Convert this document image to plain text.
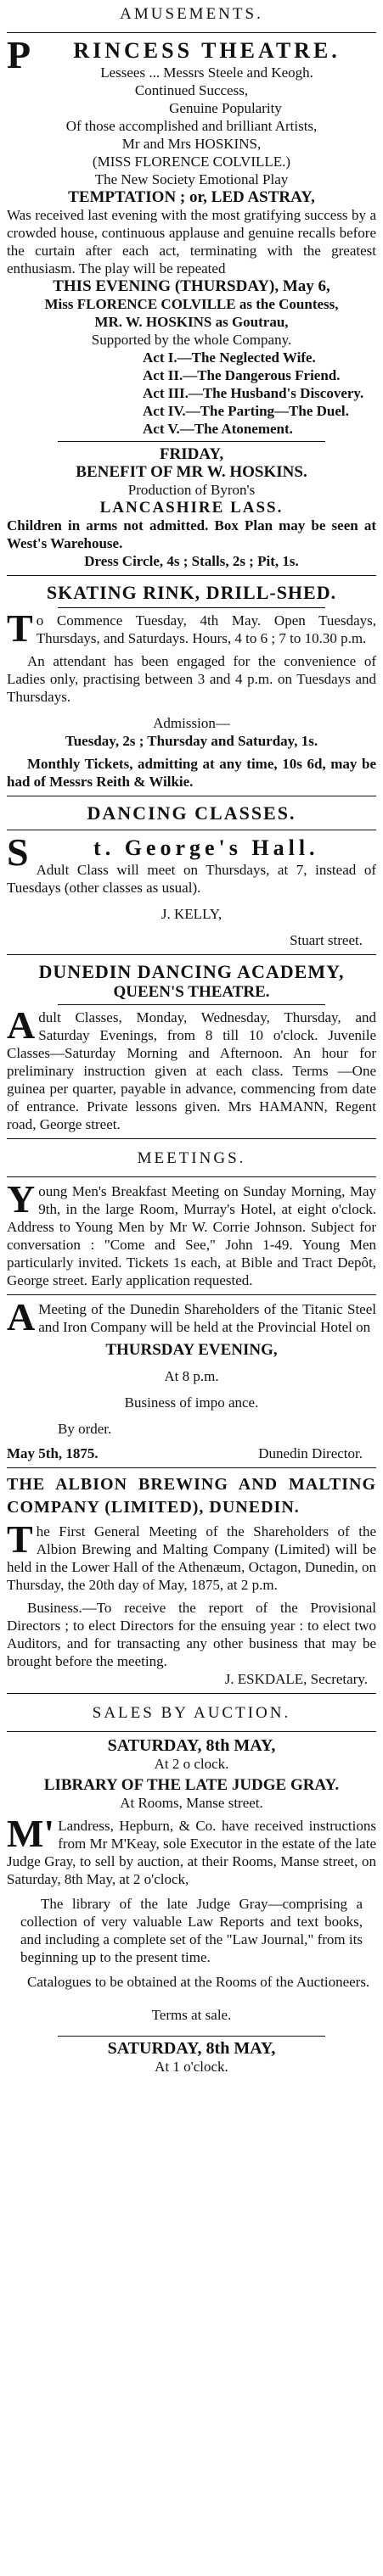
AMUSEMENTS.

PRINCESS THEATRE.

Lessees ... Messrs Steele and Keogh.

Continued Success,

Genuine Popularity

Of those accomplished and brilliant Artists,

Mr and Mrs HOSKINS,

(MISS FLORENCE COLVILLE.)

The New Society Emotional Play

TEMPTATION ; or, LED ASTRAY,

Was received last evening with the most gratifying success by a crowded house, continuous applause and genuine recalls before the curtain after each act, terminating with the greatest enthusiasm. The play will be repeated

THIS EVENING (THURSDAY), May 6,

Miss FLORENCE COLVILLE as the Countess,

MR. W. HOSKINS as Goutrau,

Supported by the whole Company.

Act I.—The Neglected Wife.

Act II.—The Dangerous Friend.

Act III.—The Husband's Discovery.

Act IV.—The Parting—The Duel.

Act V.—The Atonement.

FRIDAY,

BENEFIT OF MR W. HOSKINS.

Production of Byron's

LANCASHIRE LASS.

Children in arms not admitted. Box Plan may be seen at West's Warehouse.

Dress Circle, 4s ; Stalls, 2s ; Pit, 1s.

SKATING RINK, DRILL-SHED.

To Commence Tuesday, 4th May. Open Tuesdays, Thursdays, and Saturdays. Hours, 4 to 6 ; 7 to 10.30 p.m.

An attendant has been engaged for the convenience of Ladies only, practising between 3 and 4 p.m. on Tuesdays and Thursdays.

Admission—

Tuesday, 2s ; Thursday and Saturday, 1s.

Monthly Tickets, admitting at any time, 10s 6d, may be had of Messrs Reith & Wilkie.

DANCING CLASSES.

St. George's Hall.

Adult Class will meet on Thursdays, at 7, instead of Tuesdays (other classes as usual).

J. KELLY,

Stuart street.

DUNEDIN DANCING ACADEMY,

QUEEN'S THEATRE.

Adult Classes, Monday, Wednesday, Thursday, and Saturday Evenings, from 8 till 10 o'clock. Juvenile Classes—Saturday Morning and Afternoon. An hour for preliminary instruction given at each class. Terms —One guinea per quarter, payable in advance, commencing from date of entrance. Private lessons given. Mrs HAMANN, Regent road, George street.

MEETINGS.

Young Men's Breakfast Meeting on Sunday Morning, May 9th, in the large Room, Murray's Hotel, at eight o'clock. Address to Young Men by Mr W. Corrie Johnson. Subject for conversation : "Come and See," John 1-49. Young Men particularly invited. Tickets 1s each, at Bible and Tract Depôt, George street. Early application requested.

AMeeting of the Dunedin Shareholders of the Titanic Steel and Iron Company will be held at the Provincial Hotel on

THURSDAY EVENING,

At 8 p.m.

Business of impo ance.

By order.

May 5th, 1875.	Dunedin Director.

THE ALBION BREWING AND MALTING COMPANY (LIMITED), DUNEDIN.

The First General Meeting of the Shareholders of the Albion Brewing and Malting Company (Limited) will be held in the Lower Hall of the Athenæum, Octagon, Dunedin, on Thursday, the 20th day of May, 1875, at 2 p.m.

Business.—To receive the report of the Provisional Directors ; to elect Directors for the ensuing year : to elect two Auditors, and for transacting any other business that may be brought before the meeting.

J. ESKDALE, Secretary.

SALES BY AUCTION.

SATURDAY, 8th MAY,

At 2 o clock.

LIBRARY OF THE LATE JUDGE GRAY.

At Rooms, Manse street.

M'Landress, Hepburn, & Co. have received instructions from Mr M'Keay, sole Executor in the estate of the late Judge Gray, to sell by auction, at their Rooms, Manse street, on Saturday, 8th May, at 2 o'clock,

The library of the late Judge Gray—comprising a collection of very valuable Law Reports and text books, and including a complete set of the "Law Journal," from its beginning up to the present time.

Catalogues to be obtained at the Rooms of the Auctioneers.

Terms at sale.

SATURDAY, 8th MAY,

At 1 o'clock.
